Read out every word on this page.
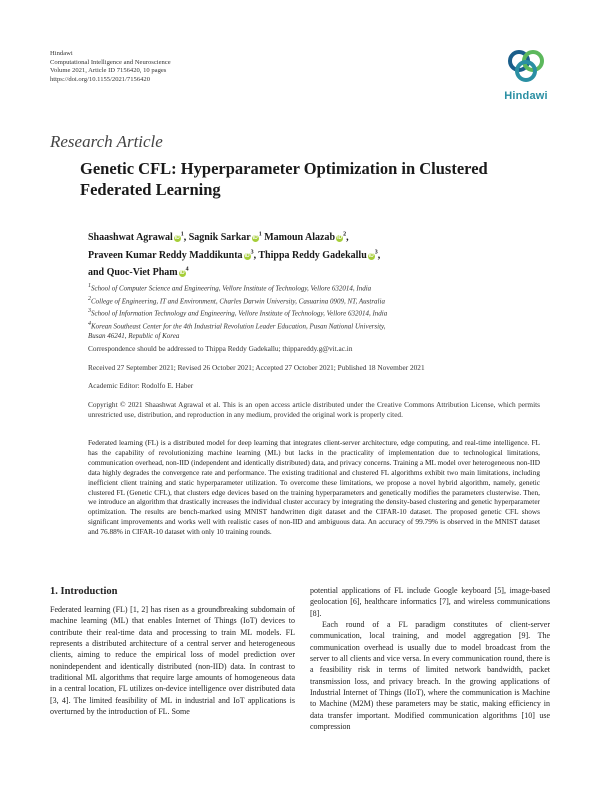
Hindawi
Computational Intelligence and Neuroscience
Volume 2021, Article ID 7156420, 10 pages
https://doi.org/10.1155/2021/7156420
Hindawi
Research Article
Genetic CFL: Hyperparameter Optimization in Clustered Federated Learning
Shaashwat Agrawal $iD^1$, Sagnik Sarkar $iD^1$ Mamoun Alazab $iD^2$,
Praveen Kumar Reddy Maddikunta $iD^3$, Thippa Reddy Gadekallu $iD^3$,
and Quoc-Viet Pham $iD^4$
$^1$School of Computer Science and Engineering, Vellore Institute of Technology, Vellore 632014, India
$^2$College of Engineering, IT and Environment, Charles Darwin University, Casuarina 0909, NT, Australia
$^3$School of Information Technology and Engineering, Vellore Institute of Technology, Vellore 632014, India
$^4$Korean Southeast Center for the 4th Industrial Revolution Leader Education, Pusan National University,
Busan 46241, Republic of Korea
Correspondence should be addressed to Thippa Reddy Gadekallu; thippareddy.g@vit.ac.in
Received 27 September 2021; Revised 26 October 2021; Accepted 27 October 2021; Published 18 November 2021
Academic Editor: Rodolfo E. Haber
Copyright © 2021 Shaashwat Agrawal et al. This is an open access article distributed under the Creative Commons Attribution License, which permits unrestricted use, distribution, and reproduction in any medium, provided the original work is properly cited.
Federated learning (FL) is a distributed model for deep learning that integrates client-server architecture, edge computing, and real-time intelligence. FL has the capability of revolutionizing machine learning (ML) but lacks in the practicality of implementation due to technological limitations, communication overhead, non-IID (independent and identically distributed) data, and privacy concerns. Training a ML model over heterogeneous non-IID data highly degrades the convergence rate and performance. The existing traditional and clustered FL algorithms exhibit two main limitations, including inefficient client training and static hyperparameter utilization. To overcome these limitations, we propose a novel hybrid algorithm, namely, genetic clustered FL (Genetic CFL), that clusters edge devices based on the training hyperparameters and genetically modifies the parameters clusterwise. Then, we introduce an algorithm that drastically increases the individual cluster accuracy by integrating the density-based clustering and genetic hyperparameter optimization. The results are bench-marked using MNIST handwritten digit dataset and the CIFAR-10 dataset. The proposed genetic CFL shows significant improvements and works well with realistic cases of non-IID and ambiguous data. An accuracy of 99.79% is observed in the MNIST dataset and 76.88% in CIFAR-10 dataset with only 10 training rounds.
1. Introduction

Federated learning (FL) [1, 2] has risen as a groundbreaking subdomain of machine learning (ML) that enables Internet of Things (IoT) devices to contribute their real-time data and processing to train ML models. FL represents a distributed architecture of a central server and heterogeneous clients, aiming to reduce the empirical loss of model prediction over nonindependent and identically distributed (non-IID) data. In contrast to traditional ML algorithms that require large amounts of homogeneous data in a central location, FL utilizes on-device intelligence over distributed data [3, 4]. The limited feasibility of ML in industrial and IoT applications is overturned by the introduction of FL. Some

potential applications of FL include Google keyboard [5], image-based geolocation [6], healthcare informatics [7], and wireless communications [8].

Each round of a FL paradigm constitutes of client-server communication, local training, and model aggregation [9]. The communication overhead is usually due to model broadcast from the server to all clients and vice versa. In every communication round, there is a feasibility risk in terms of limited network bandwidth, packet transmission loss, and privacy breach. In the growing applications of Industrial Internet of Things (IIoT), where the communication is Machine to Machine (M2M) these parameters may be static, making efficiency in data transfer important. Modified communication algorithms [10] use compression
